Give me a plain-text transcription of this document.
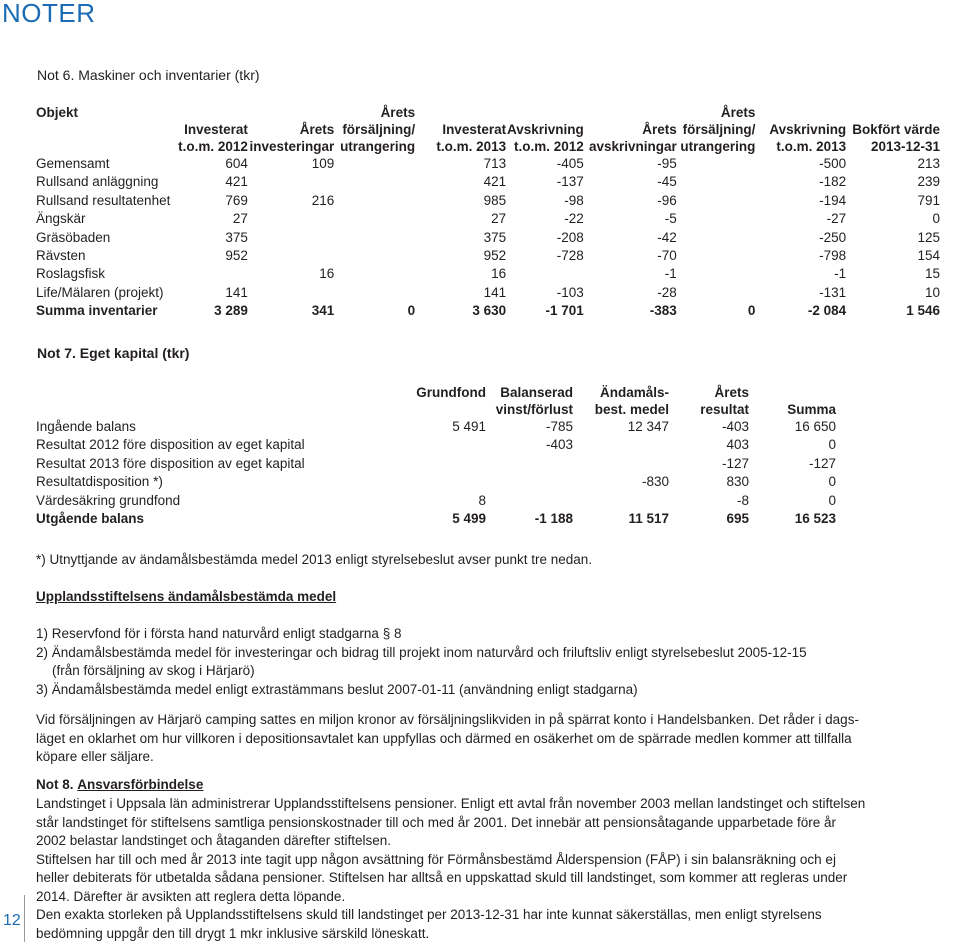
NOTER
Not 6. Maskiner och inventarier (tkr)
Objekt			Årets				Årets		
	Investerat	Årets	försäljning/	Investerat	Avskrivning	Årets	försäljning/	Avskrivning	Bokfört värde
	t.o.m. 2012	investeringar	utrangering	t.o.m. 2013	t.o.m. 2012	avskrivningar	utrangering	t.o.m. 2013	2013-12-31
Gemensamt	604	109		713	-405	-95		-500	213
Rullsand anläggning	421			421	-137	-45		-182	239
Rullsand resultatenhet	769	216		985	-98	-96		-194	791
Ängskär	27			27	-22	-5		-27	0
Gräsöbaden	375			375	-208	-42		-250	125
Rävsten	952			952	-728	-70		-798	154
Roslagsfisk		16		16		-1		-1	15
Life/Mälaren (projekt)	141			141	-103	-28		-131	10
Summa inventarier	3 289	341	0	3 630	-1 701	-383	0	-2 084	1 546
Not 7. Eget kapital (tkr)
	Grundfond	Balanserad	Ändamåls-	Årets	
		vinst/förlust	best. medel	resultat	Summa
Ingående balans	5 491	-785	12 347	-403	16 650
Resultat 2012 före disposition av eget kapital		-403		403	0
Resultat 2013 före disposition av eget kapital				-127	-127
Resultatdisposition *)			-830	830	0
Värdesäkring grundfond	8			-8	0
Utgående balans	5 499	-1 188	11 517	695	16 523

*) Utnyttjande av ändamålsbestämda medel 2013 enligt styrelsebeslut avser punkt tre nedan.

Upplandsstiftelsens ändamålsbestämda medel

1) Reservfond för i första hand naturvård enligt stadgarna § 8
2) Ändamålsbestämda medel för investeringar och bidrag till projekt inom naturvård och friluftsliv enligt styrelsebeslut 2005-12-15
(från försäljning av skog i Härjarö)
3) Ändamålsbestämda medel enligt extrastämmans beslut 2007-01-11 (användning enligt stadgarna)
Vid försäljningen av Härjarö camping sattes en miljon kronor av försäljningslikviden in på spärrat konto i Handelsbanken. Det råder i dags-
läget en oklarhet om hur villkoren i depositionsavtalet kan uppfyllas och därmed en osäkerhet om de spärrade medlen kommer att tillfalla
köpare eller säljare.
Not 8. Ansvarsförbindelse
Landstinget i Uppsala län administrerar Upplandsstiftelsens pensioner. Enligt ett avtal från november 2003 mellan landstinget och stiftelsen
står landstinget för stiftelsens samtliga pensionskostnader till och med år 2001. Det innebär att pensionsåtagande upparbetade före år
2002 belastar landstinget och åtaganden därefter stiftelsen.
Stiftelsen har till och med år 2013 inte tagit upp någon avsättning för Förmånsbestämd Ålderspension (FÅP) i sin balansräkning och ej
heller debiterats för utbetalda sådana pensioner. Stiftelsen har alltså en uppskattad skuld till landstinget, som kommer att regleras under
2014. Därefter är avsikten att reglera detta löpande.
Den exakta storleken på Upplandsstiftelsens skuld till landstinget per 2013-12-31 har inte kunnat säkerställas, men enligt styrelsens
bedömning uppgår den till drygt 1 mkr inklusive särskild löneskatt.
12
